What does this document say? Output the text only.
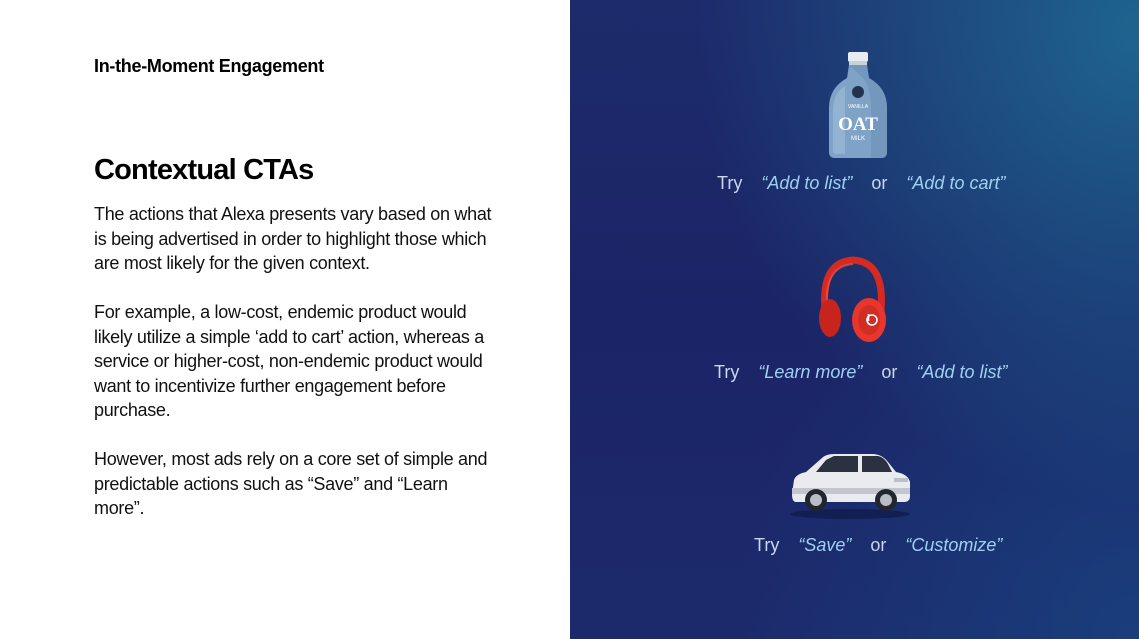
In-the-Moment Engagement
Contextual CTAs

The actions that Alexa presents vary based on what is being advertised in order to highlight those which are most likely for the given context.

For example, a low-cost, endemic product would likely utilize a simple ‘add to cart’ action, whereas a service or higher-cost, non-endemic product would want to incentivize further engagement before purchase.

However, most ads rely on a core set of simple and predictable actions such as “Save” and “Learn more”.

VANILLA
OAT
MILK
Try “Add to list” or “Add to cart”
Try “Learn more” or “Add to list”
Try “Save” or “Customize”
